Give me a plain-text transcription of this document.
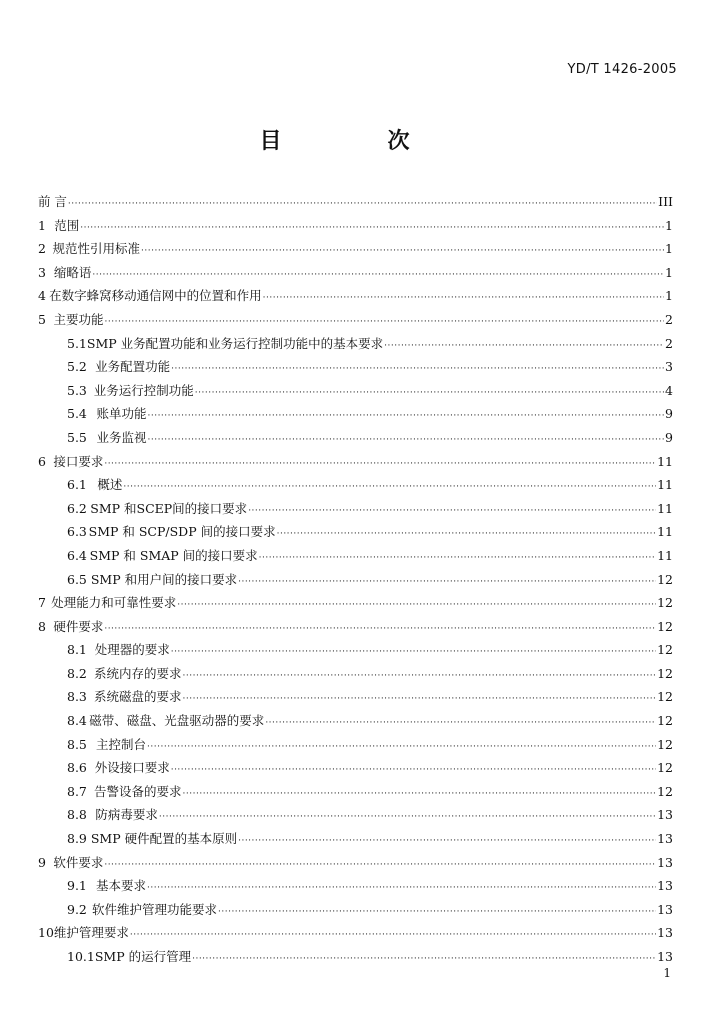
YD/T 1426-2005
目　次
前 言 ·····	III
1 范围 ·····	1
2 规范性引用标准 ·····	1
3 缩略语 ·····	1
4 在数字蜂窝移动通信网中的位置和作用 ·····	1
5 主要功能 ·····	2
5.1 SMP 业务配置功能和业务运行控制功能中的基本要求 ·····	2
5.2 业务配置功能 ·····	3
5.3 业务运行控制功能 ·····	4
5.4 账单功能 ·····	9
5.5 业务监视 ·····	9
6 接口要求 ·····	11
6.1 概述 ·····	11
6.2 SMP 和SCEP间的接口要求 ·····	11
6.3 SMP 和 SCP/SDP 间的接口要求 ·····	11
6.4 SMP 和 SMAP 间的接口要求 ·····	11
6.5 SMP 和用户间的接口要求 ·····	12
7 处理能力和可靠性要求 ·····	12
8 硬件要求 ·····	12
8.1 处理器的要求 ·····	12
8.2 系统内存的要求 ·····	12
8.3 系统磁盘的要求 ·····	12
8.4 磁带、磁盘、光盘驱动器的要求 ·····	12
8.5 主控制台 ·····	12
8.6 外设接口要求 ·····	12
8.7 告警设备的要求 ·····	12
8.8 防病毒要求 ·····	13
8.9 SMP 硬件配置的基本原则 ·····	13
9 软件要求 ·····	13
9.1 基本要求 ·····	13
9.2 软件维护管理功能要求 ·····	13
10 维护管理要求 ·····	13
10.1 SMP 的运行管理 ·····	13
1
